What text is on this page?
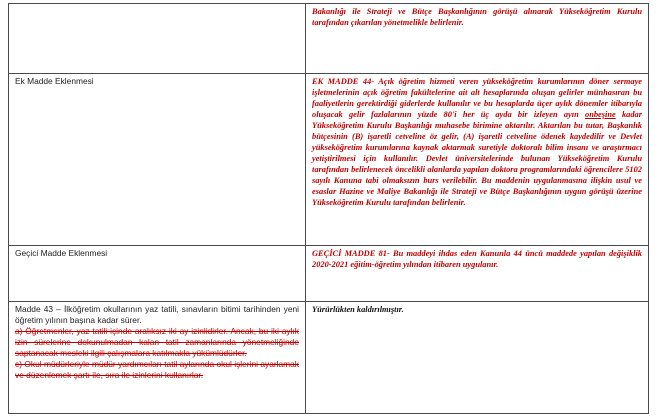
	Bakanlığı ile Strateji ve Bütçe Başkanlığının görüşü alınarak Yükseköğretim Kurulu tarafından çıkarılan yönetmelikle belirlenir.

Ek Madde Eklenmesi	EK MADDE 44- Açık öğretim hizmeti veren yükseköğretim kurumlarının döner sermaye işletmelerinin açık öğretim fakültelerine ait alt hesaplarında oluşan gelirler münhasıran bu faaliyetlerin gerektirdiği giderlerde kullanılır ve bu hesaplarda üçer aylık dönemler itibarıyla oluşacak gelir fazlalarının yüzde 80'i her üç ayda bir izleyen ayın onbeşine kadar Yükseköğretim Kurulu Başkanlığı muhasebe birimine aktarılır. Aktarılan bu tutar, Başkanlık bütçesinin (B) işaretli cetveline öz gelir, (A) işaretli cetveline ödenek kaydedilir ve Devlet yükseköğretim kurumlarına kaynak aktarmak suretiyle doktoralı bilim insanı ve araştırmacı yetiştirilmesi için kullanılır. Devlet üniversitelerinde bulunan Yükseköğretim Kurulu tarafından belirlenecek öncelikli alanlarda yapılan doktora programlarındaki öğrencilere 5102 sayılı Kanuna tabi olmaksızın burs verilebilir. Bu maddenin uygulanmasına ilişkin usul ve esaslar Hazine ve Maliye Bakanlığı ile Strateji ve Bütçe Başkanlığının uygun görüşü üzerine Yükseköğretim Kurulu tarafından belirlenir.

Geçici Madde Eklenmesi	GEÇİCİ MADDE 81- Bu maddeyi ihdas eden Kanunla 44 üncü maddede yapılan değişiklik 2020-2021 eğitim-öğretim yılından itibaren uygulanır.

Madde 43 – İlköğretim okullarının yaz tatili, sınavların bitimi tarihinden yeni öğretim yılının başına kadar sürer.

a) Öğretmenler, yaz tatili içinde aralıksız iki ay izinlidirler. Ancak, bu iki aylık izin sürelerine dokunulmadan kalan tatil zamanlarında yönetmeliğinde saptanacak mesleki ilgili çalışmalara katılmakla yükümlüdürler.

c) Okul müdürleriyle müdür yardımcıları tatil aylarında okul işlerini ayarlamak ve düzenlemek şartı ile, sıra ile izinlerini kullanırlar.	Yürürlükten kaldırılmıştır.
